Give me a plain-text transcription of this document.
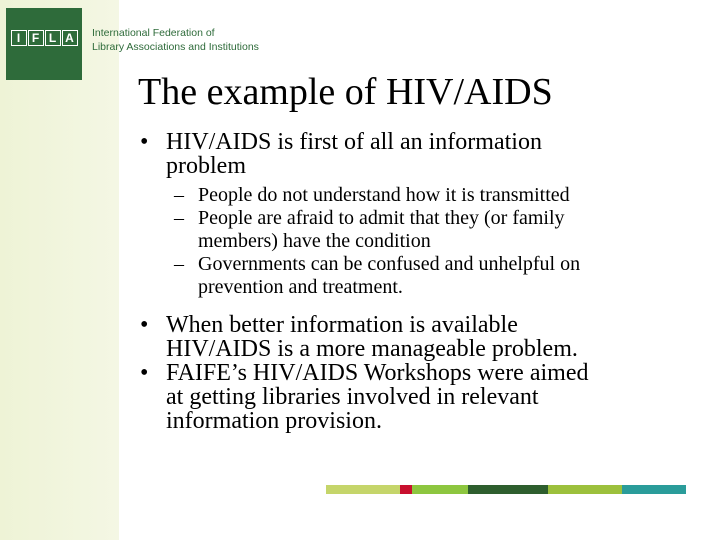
I F L A	International Federation of
Library Associations and Institutions
The example of HIV/AIDS
• HIV/AIDS is first of all an information
problem
– People do not understand how it is transmitted
– People are afraid to admit that they (or family
members) have the condition
– Governments can be confused and unhelpful on
prevention and treatment.
• When better information is available
HIV/AIDS is a more manageable problem.
• FAIFE’s HIV/AIDS Workshops were aimed
at getting libraries involved in relevant
information provision.
